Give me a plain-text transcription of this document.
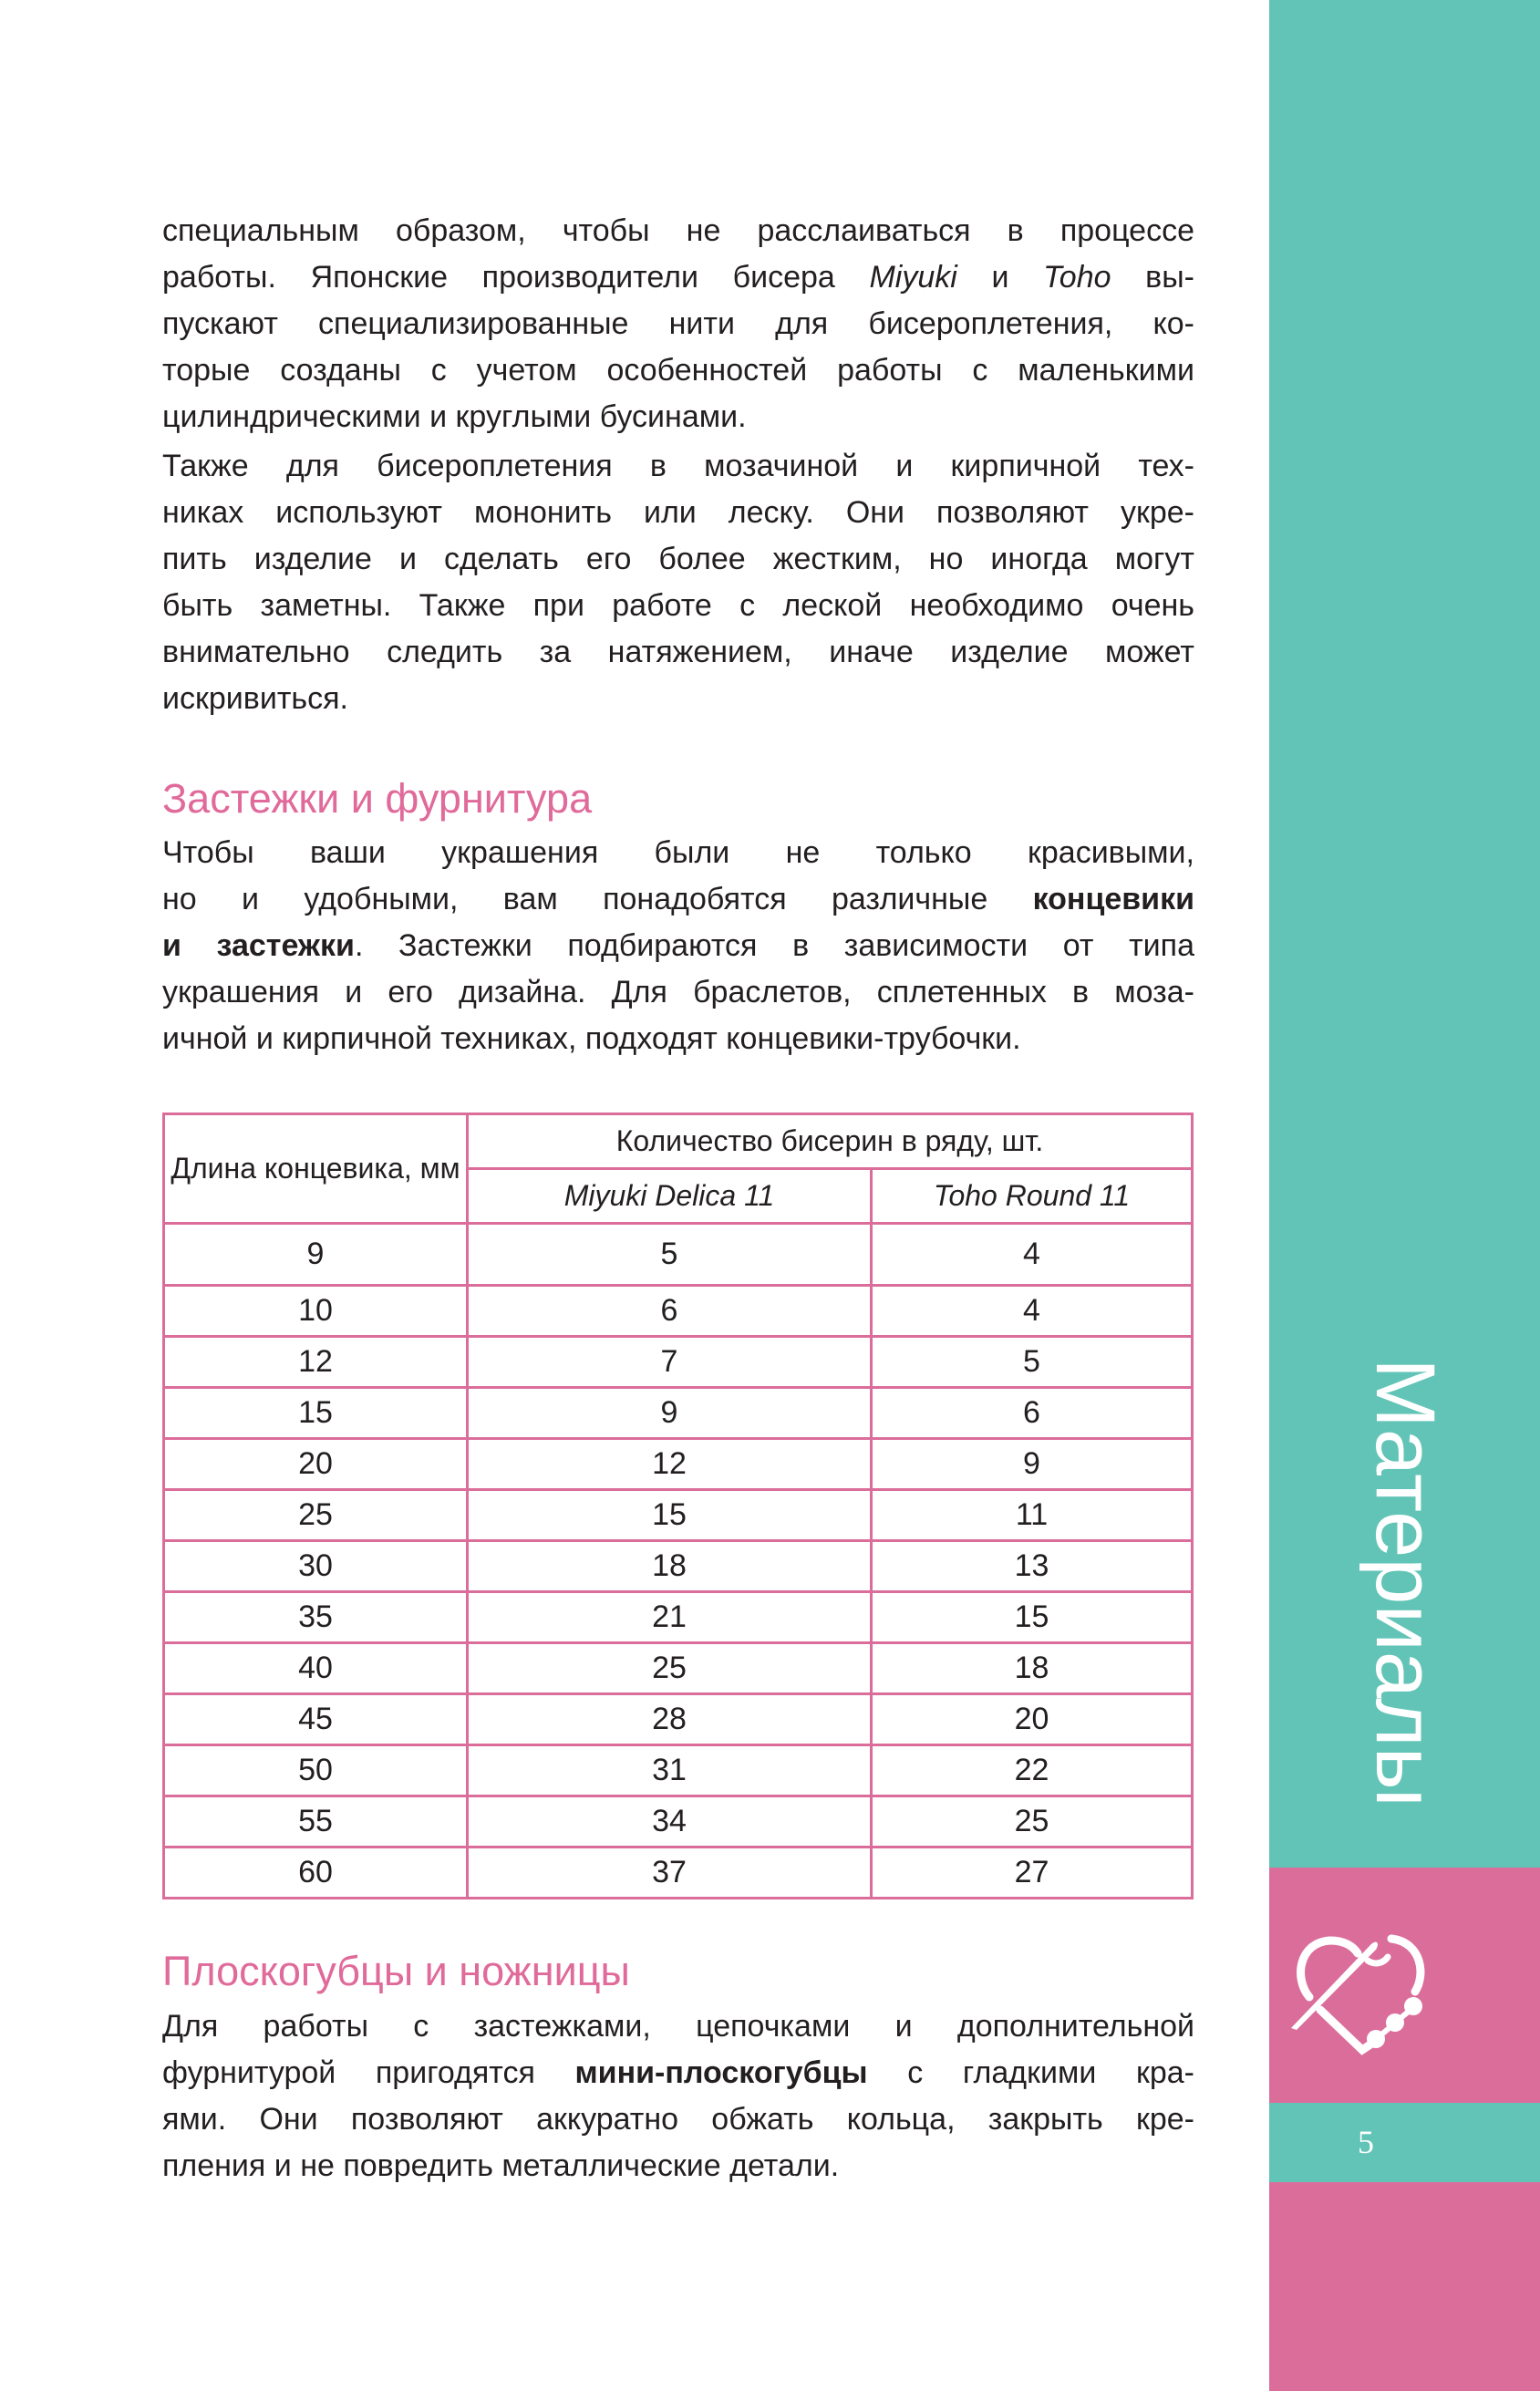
специальным образом, чтобы не расслаиваться в процессе
работы. Японские производители бисера Miyuki и Toho вы-
пускают специализированные нити для бисероплетения, ко-
торые созданы с учетом особенностей работы с маленькими
цилиндрическими и круглыми бусинами.
Также для бисероплетения в мозачиной и кирпичной тех-
никах используют мононить или леску. Они позволяют укре-
пить изделие и сделать его более жестким, но иногда могут
быть заметны. Также при работе с леской необходимо очень
внимательно следить за натяжением, иначе изделие может
искривиться.
Застежки и фурнитура
Чтобы ваши украшения были не только красивыми,
но и удобными, вам понадобятся различные концевики
и застежки. Застежки подбираются в зависимости от типа
украшения и его дизайна. Для браслетов, сплетенных в моза-
ичной и кирпичной техниках, подходят концевики-трубочки.
Длина концевика, мм	Количество бисерин в ряду, шт.	
	Miyuki Delica 11	Toho Round 11
9	5	4
10	6	4
12	7	5
15	9	6
20	12	9
25	15	11
30	18	13
35	21	15
40	25	18
45	28	20
50	31	22
55	34	25
60	37	27
Плоскогубцы и ножницы
Для работы с застежками, цепочками и дополнительной
фурнитурой пригодятся мини-плоскогубцы с гладкими кра-
ями. Они позволяют аккуратно обжать кольца, закрыть кре-
пления и не повредить металлические детали.
Материалы
5
